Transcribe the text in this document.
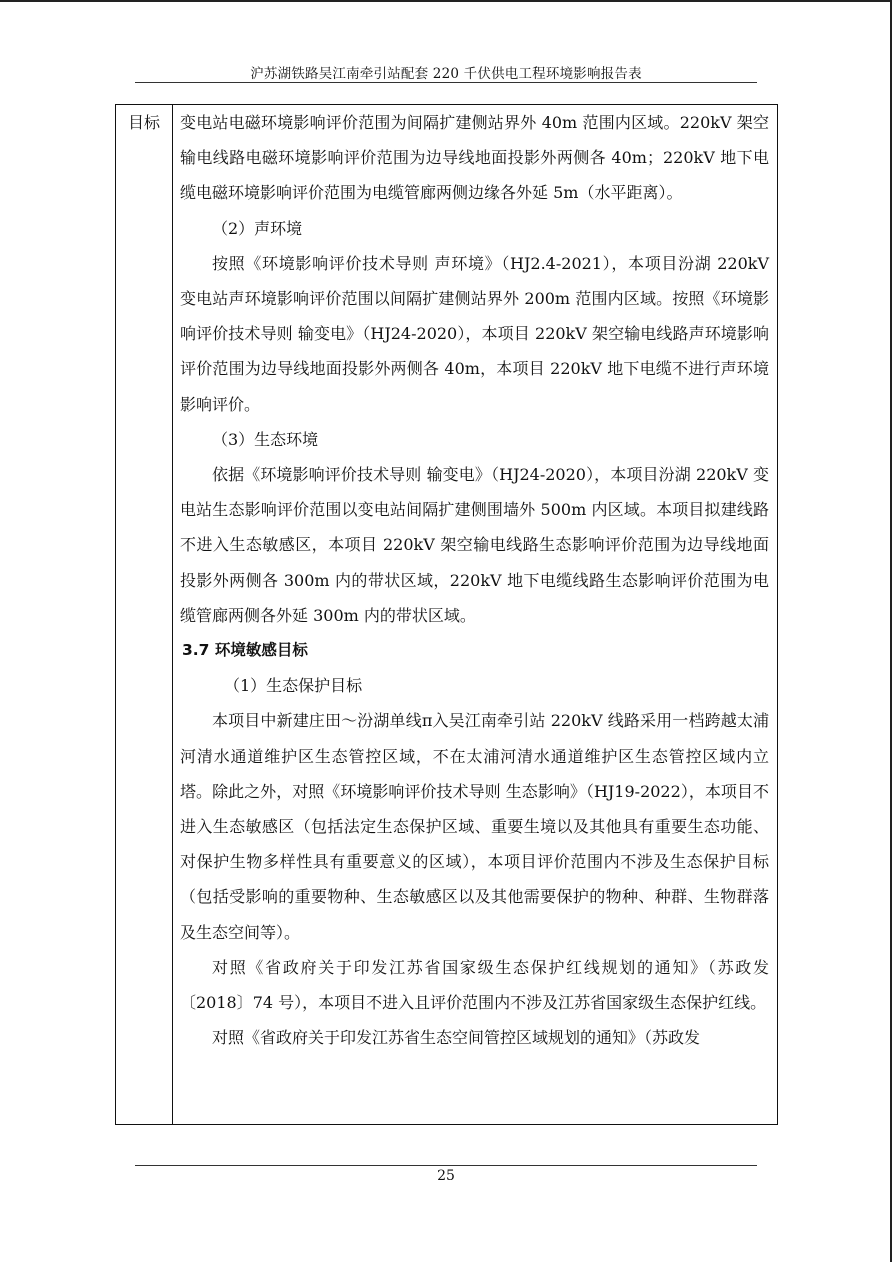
沪苏湖铁路吴江南牵引站配套 220 千伏供电工程环境影响报告表
目标	变电站电磁环境影响评价范围为间隔扩建侧站界外 40m 范围内区域。220kV 架空输电线路电磁环境影响评价范围为边导线地面投影外两侧各 40m；220kV 地下电缆电磁环境影响评价范围为电缆管廊两侧边缘各外延 5m（水平距离）。

（2）声环境

按照《环境影响评价技术导则 声环境》（HJ2.4-2021），本项目汾湖 220kV 变电站声环境影响评价范围以间隔扩建侧站界外 200m 范围内区域。按照《环境影响评价技术导则 输变电》（HJ24-2020），本项目 220kV 架空输电线路声环境影响评价范围为边导线地面投影外两侧各 40m，本项目 220kV 地下电缆不进行声环境影响评价。

（3）生态环境

依据《环境影响评价技术导则 输变电》（HJ24-2020），本项目汾湖 220kV 变电站生态影响评价范围以变电站间隔扩建侧围墙外 500m 内区域。本项目拟建线路不进入生态敏感区，本项目 220kV 架空输电线路生态影响评价范围为边导线地面投影外两侧各 300m 内的带状区域，220kV 地下电缆线路生态影响评价范围为电缆管廊两侧各外延 300m 内的带状区域。

3.7 环境敏感目标

（1）生态保护目标

本项目中新建庄田～汾湖单线π入吴江南牵引站 220kV 线路采用一档跨越太浦河清水通道维护区生态管控区域，不在太浦河清水通道维护区生态管控区域内立塔。除此之外，对照《环境影响评价技术导则 生态影响》（HJ19-2022），本项目不进入生态敏感区（包括法定生态保护区域、重要生境以及其他具有重要生态功能、对保护生物多样性具有重要意义的区域），本项目评价范围内不涉及生态保护目标（包括受影响的重要物种、生态敏感区以及其他需要保护的物种、种群、生物群落及生态空间等）。

对照《省政府关于印发江苏省国家级生态保护红线规划的通知》（苏政发〔2018〕74 号），本项目不进入且评价范围内不涉及江苏省国家级生态保护红线。

对照《省政府关于印发江苏省生态空间管控区域规划的通知》（苏政发

25
